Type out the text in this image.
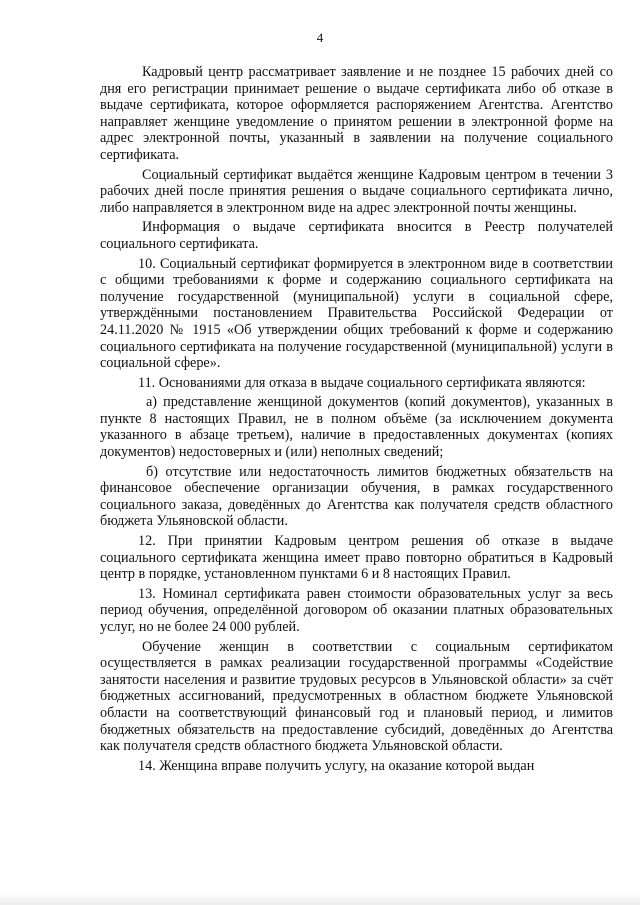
4

Кадровый центр рассматривает заявление и не позднее 15 рабочих дней со дня его регистрации принимает решение о выдаче сертификата либо об отказе в выдаче сертификата, которое оформляется распоряжением Агентства. Агентство направляет женщине уведомление о принятом решении в электронной форме на адрес электронной почты, указанный в заявлении на получение социального сертификата.

Социальный сертификат выдаётся женщине Кадровым центром в течении 3 рабочих дней после принятия решения о выдаче социального сертификата лично, либо направляется в электронном виде на адрес электронной почты женщины.

Информация о выдаче сертификата вносится в Реестр получателей социального сертификата.

10. Социальный сертификат формируется в электронном виде в соответствии с общими требованиями к форме и содержанию социального сертификата на получение государственной (муниципальной) услуги в социальной сфере, утверждёнными постановлением Правительства Российской Федерации от 24.11.2020 № 1915 «Об утверждении общих требований к форме и содержанию социального сертификата на получение государственной (муниципальной) услуги в социальной сфере».

11. Основаниями для отказа в выдаче социального сертификата являются:

а) представление женщиной документов (копий документов), указанных в пункте 8 настоящих Правил, не в полном объёме (за исключением документа указанного в абзаце третьем), наличие в предоставленных документах (копиях документов) недостоверных и (или) неполных сведений;

б) отсутствие или недостаточность лимитов бюджетных обязательств на финансовое обеспечение организации обучения, в рамках государственного социального заказа, доведённых до Агентства как получателя средств областного бюджета Ульяновской области.

12. При принятии Кадровым центром решения об отказе в выдаче социального сертификата женщина имеет право повторно обратиться в Кадровый центр в порядке, установленном пунктами 6 и 8 настоящих Правил.

13. Номинал сертификата равен стоимости образовательных услуг за весь период обучения, определённой договором об оказании платных образовательных услуг, но не более 24 000 рублей.

Обучение женщин в соответствии с социальным сертификатом осуществляется в рамках реализации государственной программы «Содействие занятости населения и развитие трудовых ресурсов в Ульяновской области» за счёт бюджетных ассигнований, предусмотренных в областном бюджете Ульяновской области на соответствующий финансовый год и плановый период, и лимитов бюджетных обязательств на предоставление субсидий, доведённых до Агентства как получателя средств областного бюджета Ульяновской области.

14. Женщина вправе получить услугу, на оказание которой выдан
